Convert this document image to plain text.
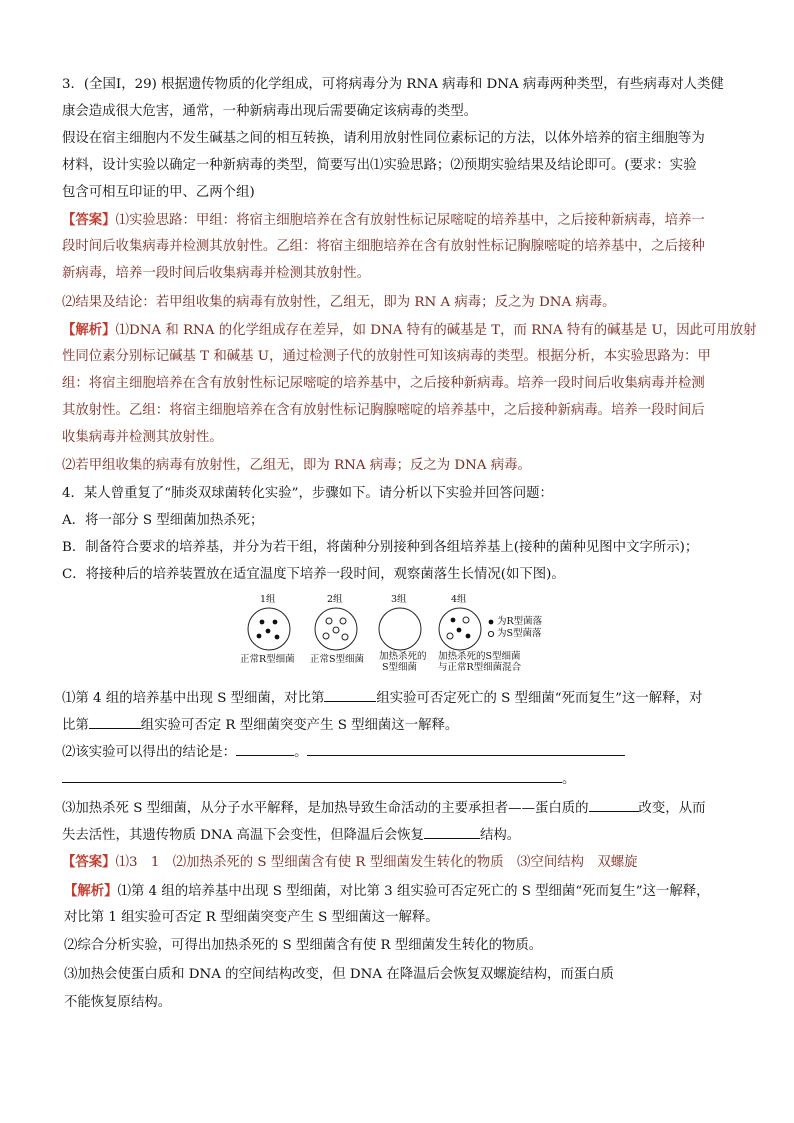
3．(全国Ⅰ，29) 根据遗传物质的化学组成，可将病毒分为 RNA 病毒和 DNA 病毒两种类型，有些病毒对人类健
康会造成很大危害，通常，一种新病毒出现后需要确定该病毒的类型。
假设在宿主细胞内不发生碱基之间的相互转换，请利用放射性同位素标记的方法，以体外培养的宿主细胞等为
材料，设计实验以确定一种新病毒的类型，简要写出⑴实验思路；⑵预期实验结果及结论即可。(要求：实验
包含可相互印证的甲、乙两个组)
【答案】⑴实验思路：甲组：将宿主细胞培养在含有放射性标记尿嘧啶的培养基中，之后接种新病毒，培养一
段时间后收集病毒并检测其放射性。乙组：将宿主细胞培养在含有放射性标记胸腺嘧啶的培养基中，之后接种
新病毒，培养一段时间后收集病毒并检测其放射性。
⑵结果及结论：若甲组收集的病毒有放射性，乙组无，即为 RN A 病毒；反之为 DNA 病毒。
【解析】⑴DNA 和 RNA 的化学组成存在差异，如 DNA 特有的碱基是 T，而 RNA 特有的碱基是 U，因此可用放射
性同位素分别标记碱基 T 和碱基 U，通过检测子代的放射性可知该病毒的类型。根据分析，本实验思路为：甲
组：将宿主细胞培养在含有放射性标记尿嘧啶的培养基中，之后接种新病毒。培养一段时间后收集病毒并检测
其放射性。乙组：将宿主细胞培养在含有放射性标记胸腺嘧啶的培养基中，之后接种新病毒。培养一段时间后
收集病毒并检测其放射性。
⑵若甲组收集的病毒有放射性，乙组无，即为 RNA 病毒；反之为 DNA 病毒。
4．某人曾重复了“肺炎双球菌转化实验”，步骤如下。请分析以下实验并回答问题：
A．将一部分 S 型细菌加热杀死；
B．制备符合要求的培养基，并分为若干组，将菌种分别接种到各组培养基上(接种的菌种见图中文字所示)；
C．将接种后的培养装置放在适宜温度下培养一段时间，观察菌落生长情况(如下图)。
1组	2组	3组	4组
为R型菌落
为S型菌落
正常R型细菌 正常S型细菌 加热杀死的
S型细菌
加热杀死的S型细菌
与正常R型细菌混合
⑴第 4 组的培养基中出现 S 型细菌，对比第	组实验可否定死亡的 S 型细菌“死而复生”这一解释，对
比第	组实验可否定 R 型细菌突变产生 S 型细菌这一解释。
⑵该实验可以得出的结论是：	。
。
⑶加热杀死 S 型细菌，从分子水平解释，是加热导致生命活动的主要承担者——蛋白质的	改变，从而
失去活性，其遗传物质 DNA 高温下会变性，但降温后会恢复	结构。
【答案】⑴3　1　⑵加热杀死的 S 型细菌含有使 R 型细菌发生转化的物质　⑶空间结构　双螺旋
【解析】⑴第 4 组的培养基中出现 S 型细菌，对比第 3 组实验可否定死亡的 S 型细菌“死而复生”这一解释，
对比第 1 组实验可否定 R 型细菌突变产生 S 型细菌这一解释。
⑵综合分析实验，可得出加热杀死的 S 型细菌含有使 R 型细菌发生转化的物质。
⑶加热会使蛋白质和 DNA 的空间结构改变，但 DNA 在降温后会恢复双螺旋结构，而蛋白质
不能恢复原结构。
